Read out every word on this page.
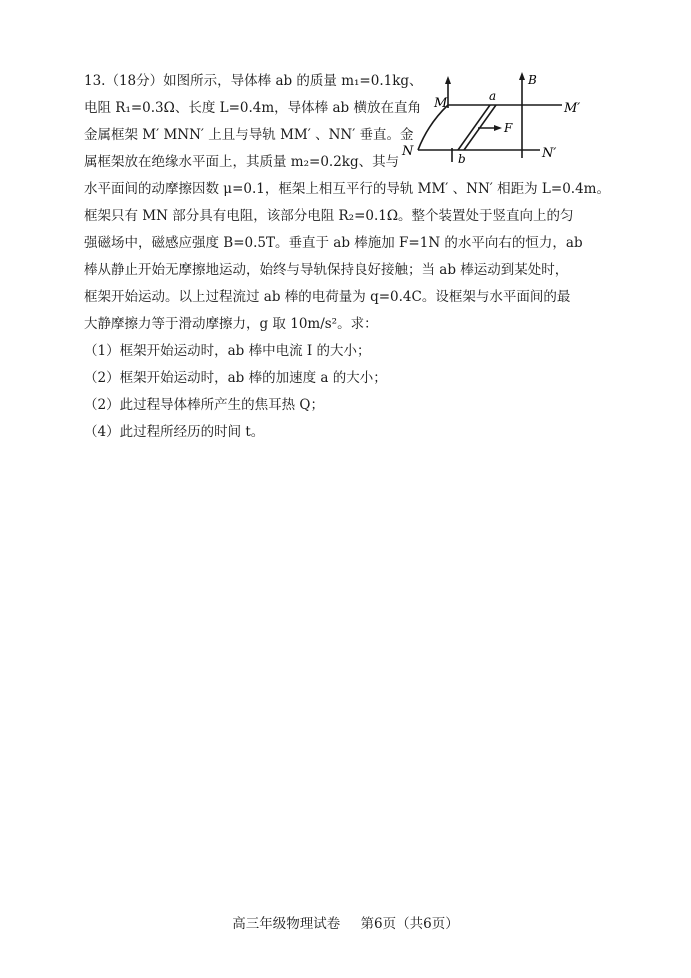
13.（18分）如图所示，导体棒 ab 的质量 m₁=0.1kg、
电阻 R₁=0.3Ω、长度 L=0.4m，导体棒 ab 横放在直角
金属框架 M′ MNN′ 上且与导轨 MM′ 、NN′ 垂直。金
属框架放在绝缘水平面上，其质量 m₂=0.2kg、其与
水平面间的动摩擦因数 μ=0.1，框架上相互平行的导轨 MM′ 、NN′ 相距为 L=0.4m。
框架只有 MN 部分具有电阻，该部分电阻 R₂=0.1Ω。整个装置处于竖直向上的匀
强磁场中，磁感应强度 B=0.5T。垂直于 ab 棒施加 F=1N 的水平向右的恒力，ab
棒从静止开始无摩擦地运动，始终与导轨保持良好接触；当 ab 棒运动到某处时，
框架开始运动。以上过程流过 ab 棒的电荷量为 q=0.4C。设框架与水平面间的最
大静摩擦力等于滑动摩擦力，g 取 10m/s²。求：
（1）框架开始运动时，ab 棒中电流 I 的大小；
（2）框架开始运动时，ab 棒的加速度 a 的大小；
（2）此过程导体棒所产生的焦耳热 Q；
（4）此过程所经历的时间 t。
M	M′
N	N′
a
b
F
B
高三年级物理试卷 第6页（共6页）
